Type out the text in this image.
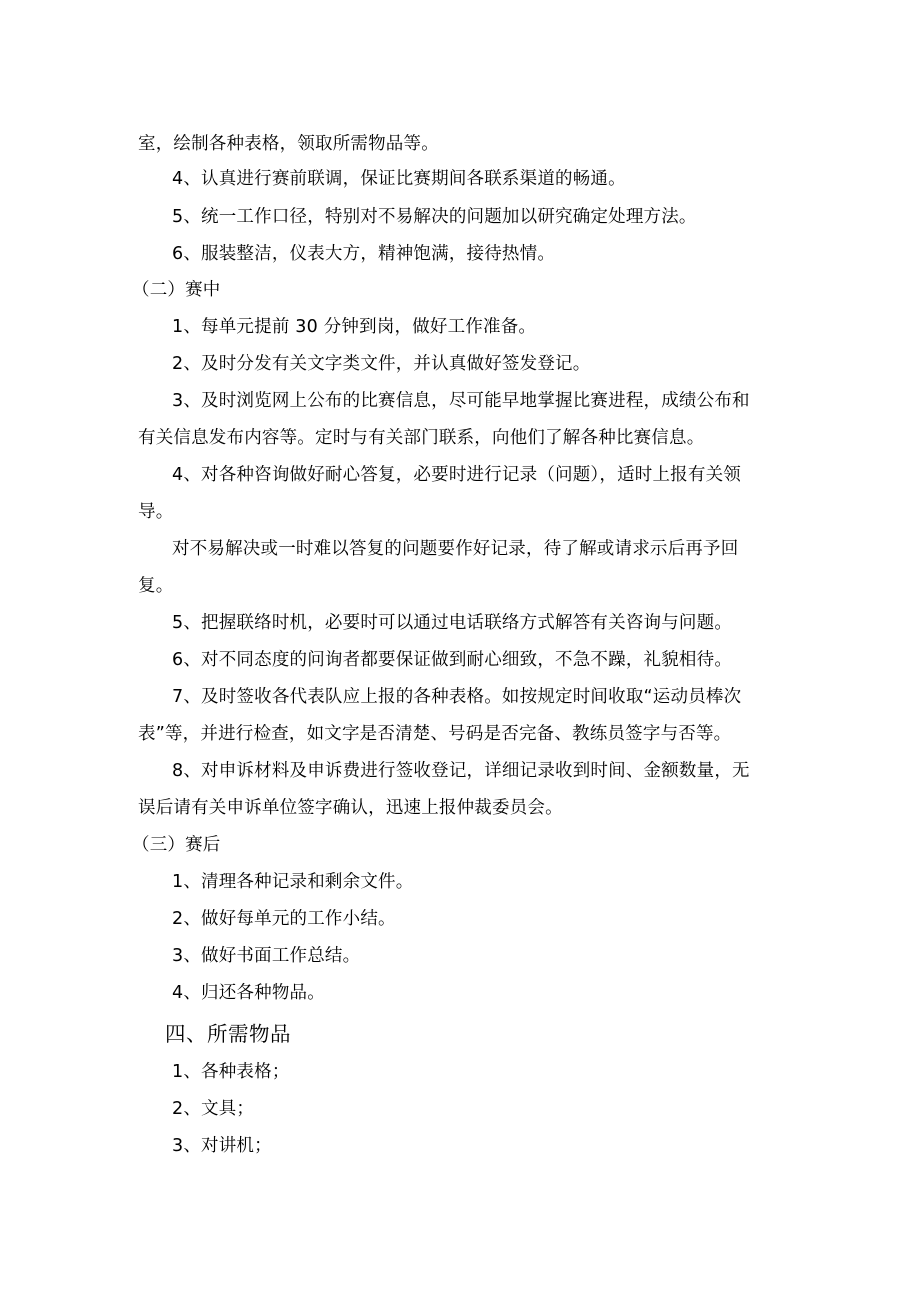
室，绘制各种表格，领取所需物品等。
4、认真进行赛前联调，保证比赛期间各联系渠道的畅通。
5、统一工作口径，特别对不易解决的问题加以研究确定处理方法。
6、服装整洁，仪表大方，精神饱满，接待热情。
（二）赛中
1、每单元提前 30 分钟到岗，做好工作准备。
2、及时分发有关文字类文件，并认真做好签发登记。
3、及时浏览网上公布的比赛信息，尽可能早地掌握比赛进程，成绩公布和
有关信息发布内容等。定时与有关部门联系，向他们了解各种比赛信息。
4、对各种咨询做好耐心答复，必要时进行记录（问题），适时上报有关领
导。
对不易解决或一时难以答复的问题要作好记录，待了解或请求示后再予回
复。
5、把握联络时机，必要时可以通过电话联络方式解答有关咨询与问题。
6、对不同态度的问询者都要保证做到耐心细致，不急不躁，礼貌相待。
7、及时签收各代表队应上报的各种表格。如按规定时间收取“运动员棒次
表”等，并进行检查，如文字是否清楚、号码是否完备、教练员签字与否等。
8、对申诉材料及申诉费进行签收登记，详细记录收到时间、金额数量，无
误后请有关申诉单位签字确认，迅速上报仲裁委员会。
（三）赛后
1、清理各种记录和剩余文件。
2、做好每单元的工作小结。
3、做好书面工作总结。
4、归还各种物品。
四、所需物品
1、各种表格；
2、文具；
3、对讲机；
